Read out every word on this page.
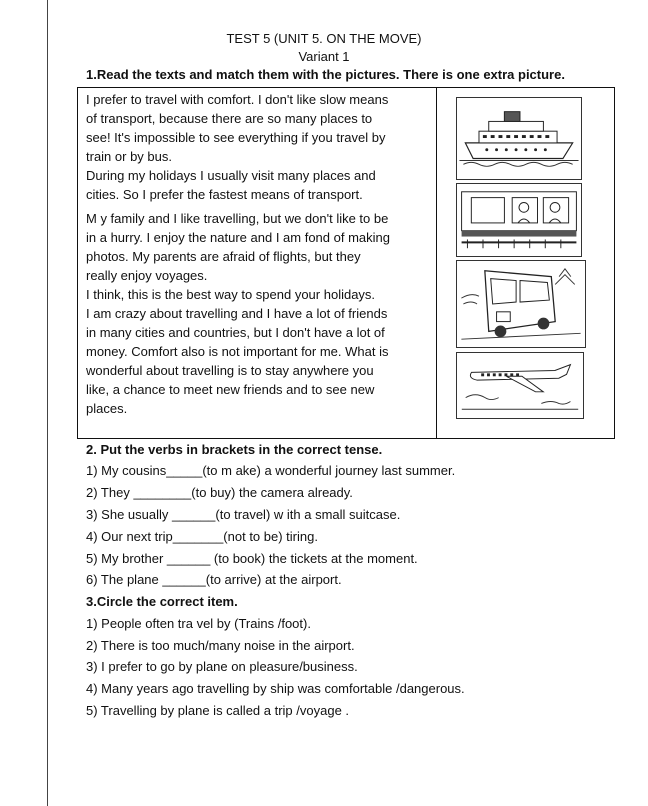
TEST 5 (UNIT 5. ON THE MOVE)
Variant 1
1.Read the texts and match them with the pictures. There is one extra picture.

I prefer to travel with comfort. I don't like slow means

of transport, because there are so many places to

see! It's impossible to see everything if you travel by

train or by bus.

During my holidays I usually visit many places and

cities. So I prefer the fastest means of transport.

M y family and I like travelling, but we don't like to be

in a hurry. I enjoy the nature and I am fond of making

photos. My parents are afraid of flights, but they

really enjoy voyages.

I think, this is the best way to spend your holidays.

I am crazy about travelling and I have a lot of friends

in many cities and countries, but I don't have a lot of

money. Comfort also is not important for me. What is

wonderful about travelling is to stay anywhere you

like, a chance to meet new friends and to see new

places.

2. Put the verbs in brackets in the correct tense.
1) My cousins_____(to m ake) a wonderful journey last summer.
2) They ________(to buy) the camera already.
3) She usually ______(to travel) w ith a small suitcase.
4) Our next trip_______(not to be) tiring.
5) My brother ______ (to book) the tickets at the moment.
6) The plane ______(to arrive) at the airport.
3.Circle the correct item.
1) People often tra vel by (Trains /foot).
2) There is too much/many noise in the airport.
3) I prefer to go by plane on pleasure/business.
4) Many years ago travelling by ship was comfortable /dangerous.
5) Travelling by plane is called a trip /voyage .
